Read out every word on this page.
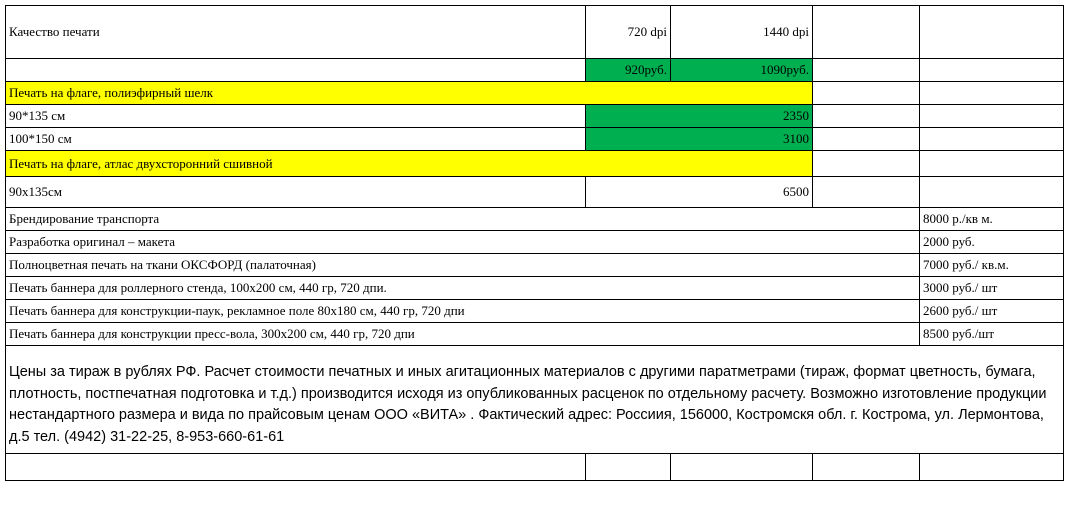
Качество печати	720 dpi	1440 dpi		
	920руб.	1090руб.		
Печать на флаге, полиэфирный шелк				
90*135 см	2350			
100*150 см	3100			
Печать на флаге, атлас двухсторонний сшивной				
90х135см	6500			
Брендирование транспорта				8000 р./кв м.
Разработка оригинал – макета				2000 руб.
Полноцветная печать на ткани ОКСФОРД (палаточная)				7000 руб./ кв.м.
Печать баннера для роллерного стенда, 100х200 см, 440 гр, 720 дпи.				3000 руб./ шт
Печать баннера для конструкции-паук, рекламное поле 80х180 см, 440 гр, 720 дпи				2600 руб./ шт
Печать баннера для конструкции пресс-вола, 300х200 см, 440 гр, 720 дпи				8500 руб./шт
Цены за тираж в рублях РФ. Расчет стоимости печатных и иных агитационных материалов с другими паратметрами (тираж, формат цветность, бумага, плотность, постпечатная подготовка и т.д.) производится исходя из опубликованных расценок по отдельному расчету. Возможно изготовление продукции нестандартного размера и вида по прайсовым ценам ООО «ВИТА» . Фактический адрес: Россиия, 156000, Костромскя обл. г. Кострома, ул. Лермонтова, д.5 тел. (4942) 31-22-25, 8-953-660-61-61				
